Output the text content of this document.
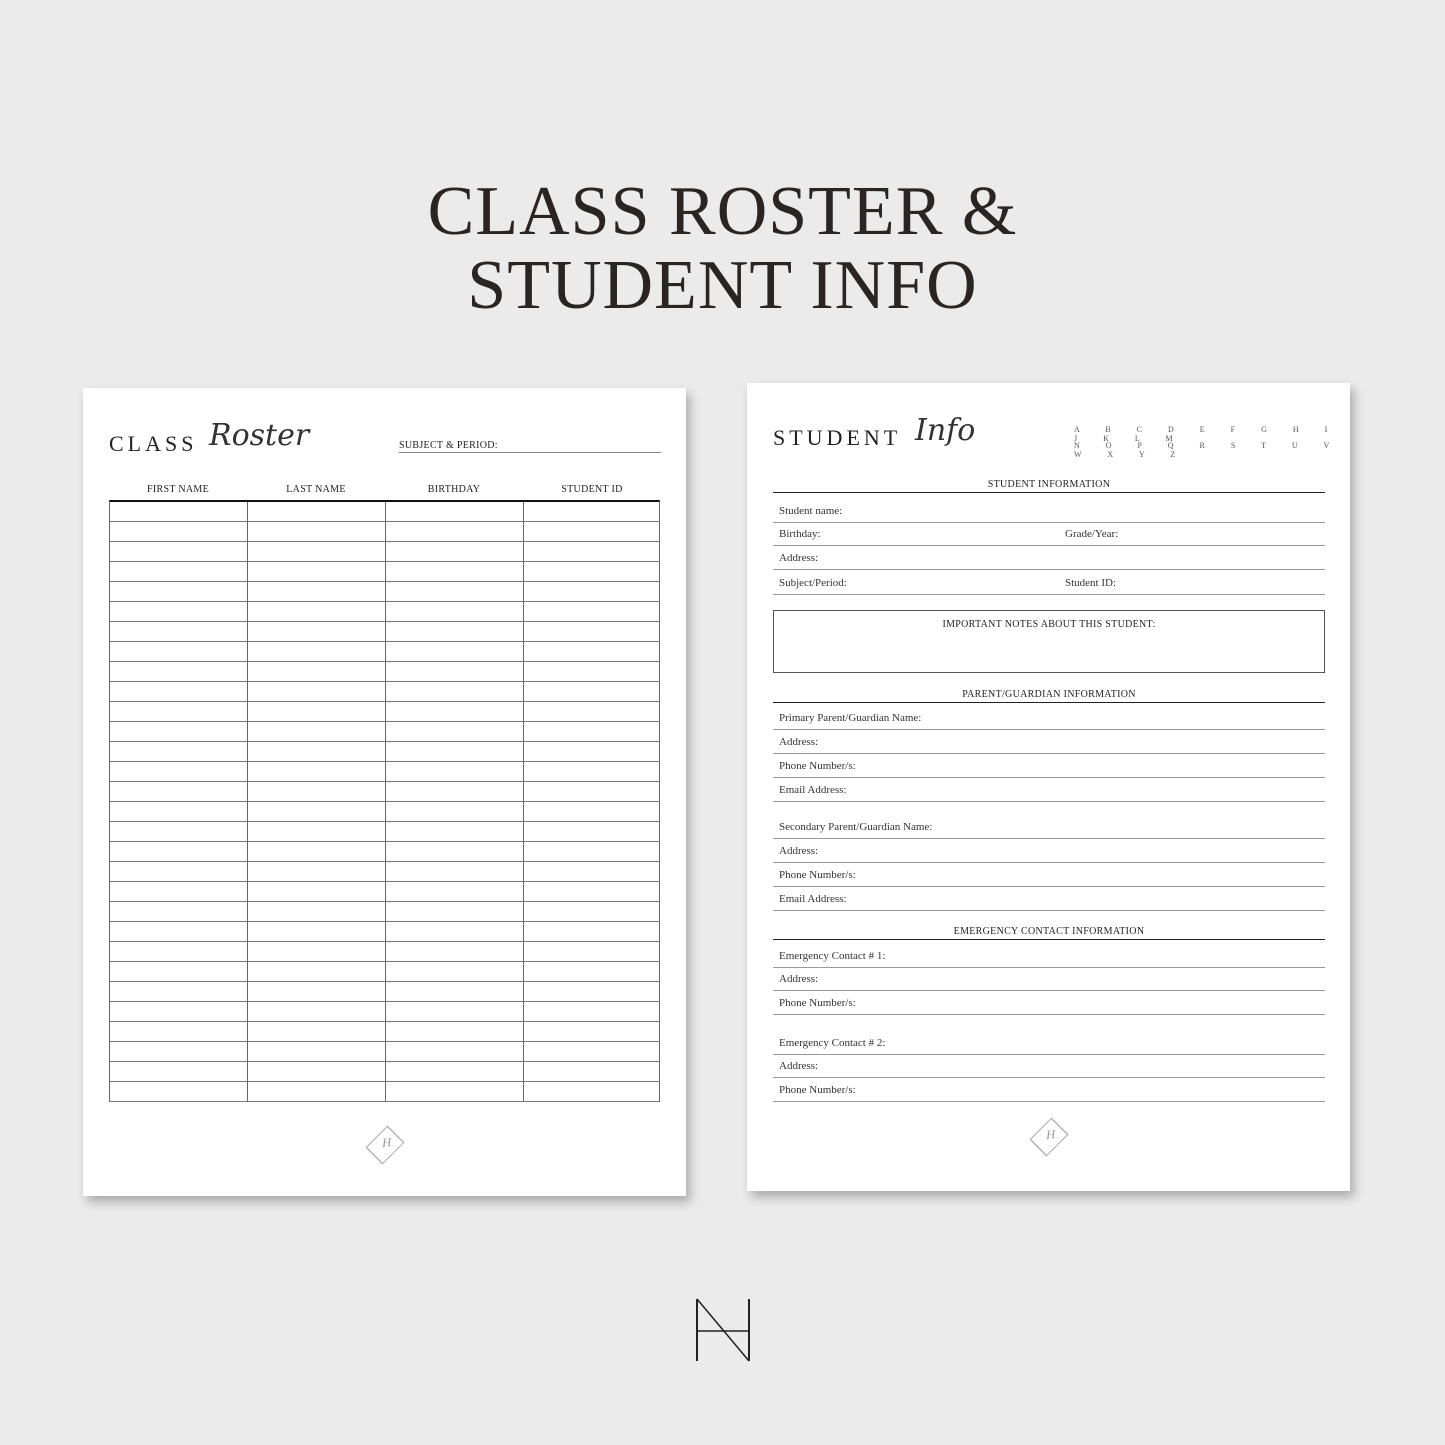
CLASS ROSTER &
STUDENT INFO
CLASS Roster	SUBJECT & PERIOD:
FIRST NAME	LAST NAME	BIRTHDAY	STUDENT ID
H
STUDENT Info	A B C D E F G H I J K L M
N O P Q R S T U V W X Y Z
STUDENT INFORMATION
Student name:
Birthday:	Grade/Year:
Address:
Subject/Period:	Student ID:
IMPORTANT NOTES ABOUT THIS STUDENT:
PARENT/GUARDIAN INFORMATION
Primary Parent/Guardian Name:
Address:
Phone Number/s:
Email Address:
Secondary Parent/Guardian Name:
Address:
Phone Number/s:
Email Address:
EMERGENCY CONTACT INFORMATION
Emergency Contact # 1:
Address:
Phone Number/s:
Emergency Contact # 2:
Address:
Phone Number/s:
H
